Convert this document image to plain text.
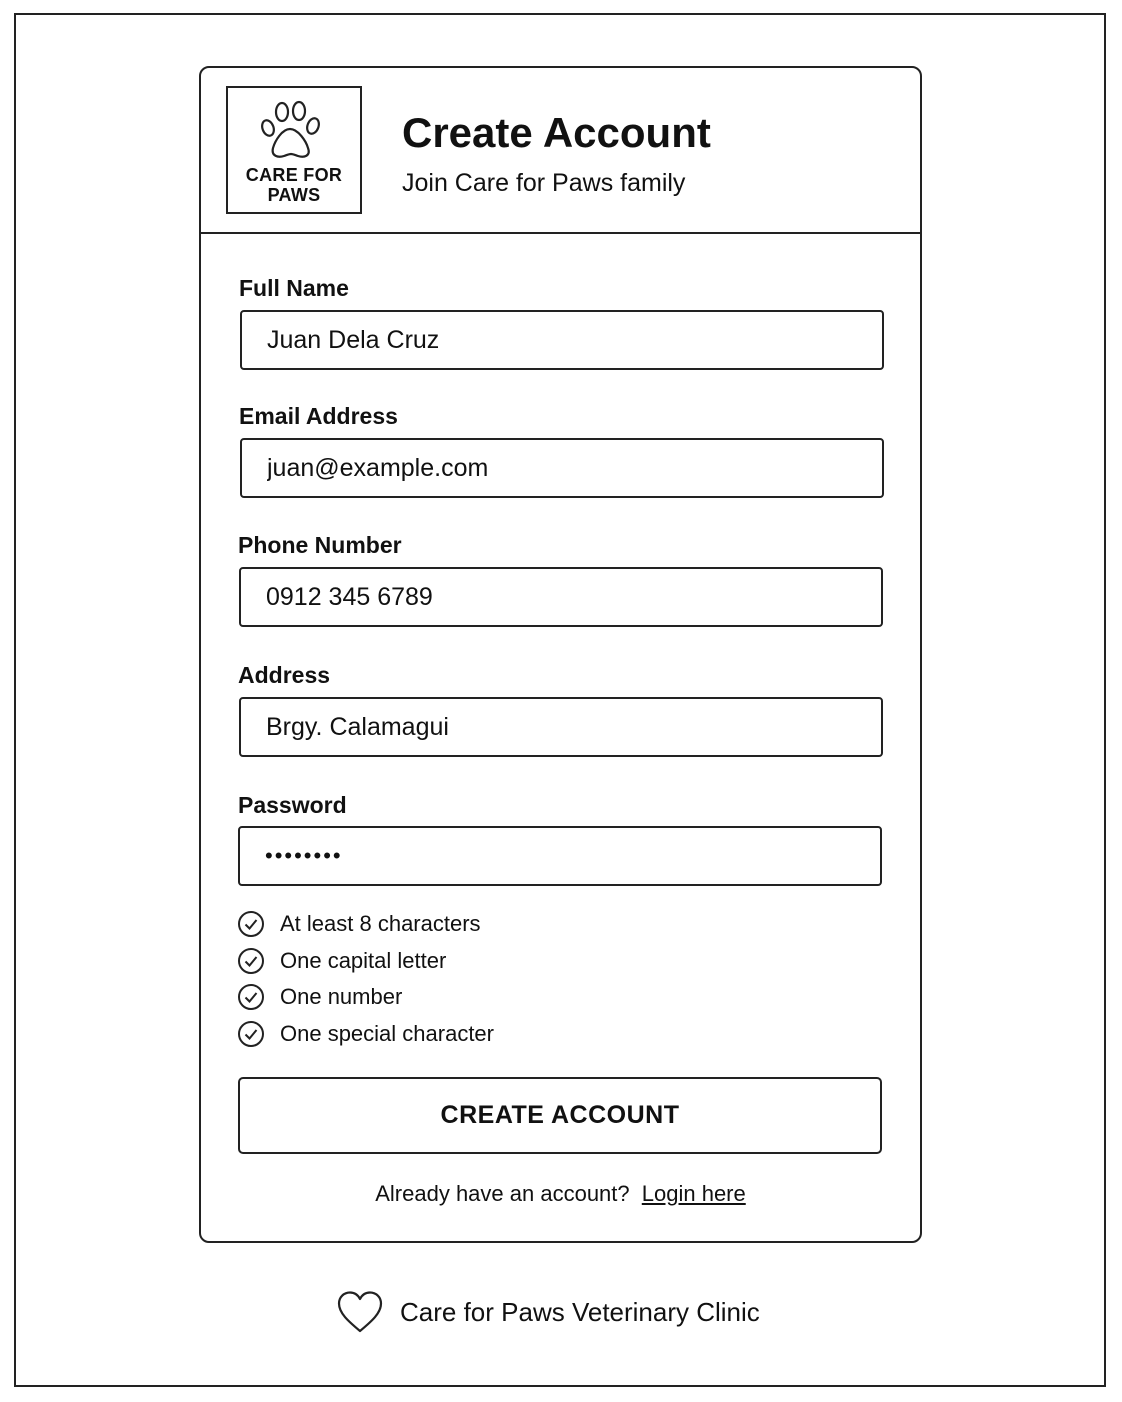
CARE FOR
PAWS
Create Account
Join Care for Paws family
Full Name
Juan Dela Cruz
Email Address
juan@example.com
Phone Number
0912 345 6789
Address
Brgy. Calamagui
Password
••••••••
At least 8 characters
One capital letter
One number
One special character
CREATE ACCOUNT
Already have an account? Login here
Care for Paws Veterinary Clinic
